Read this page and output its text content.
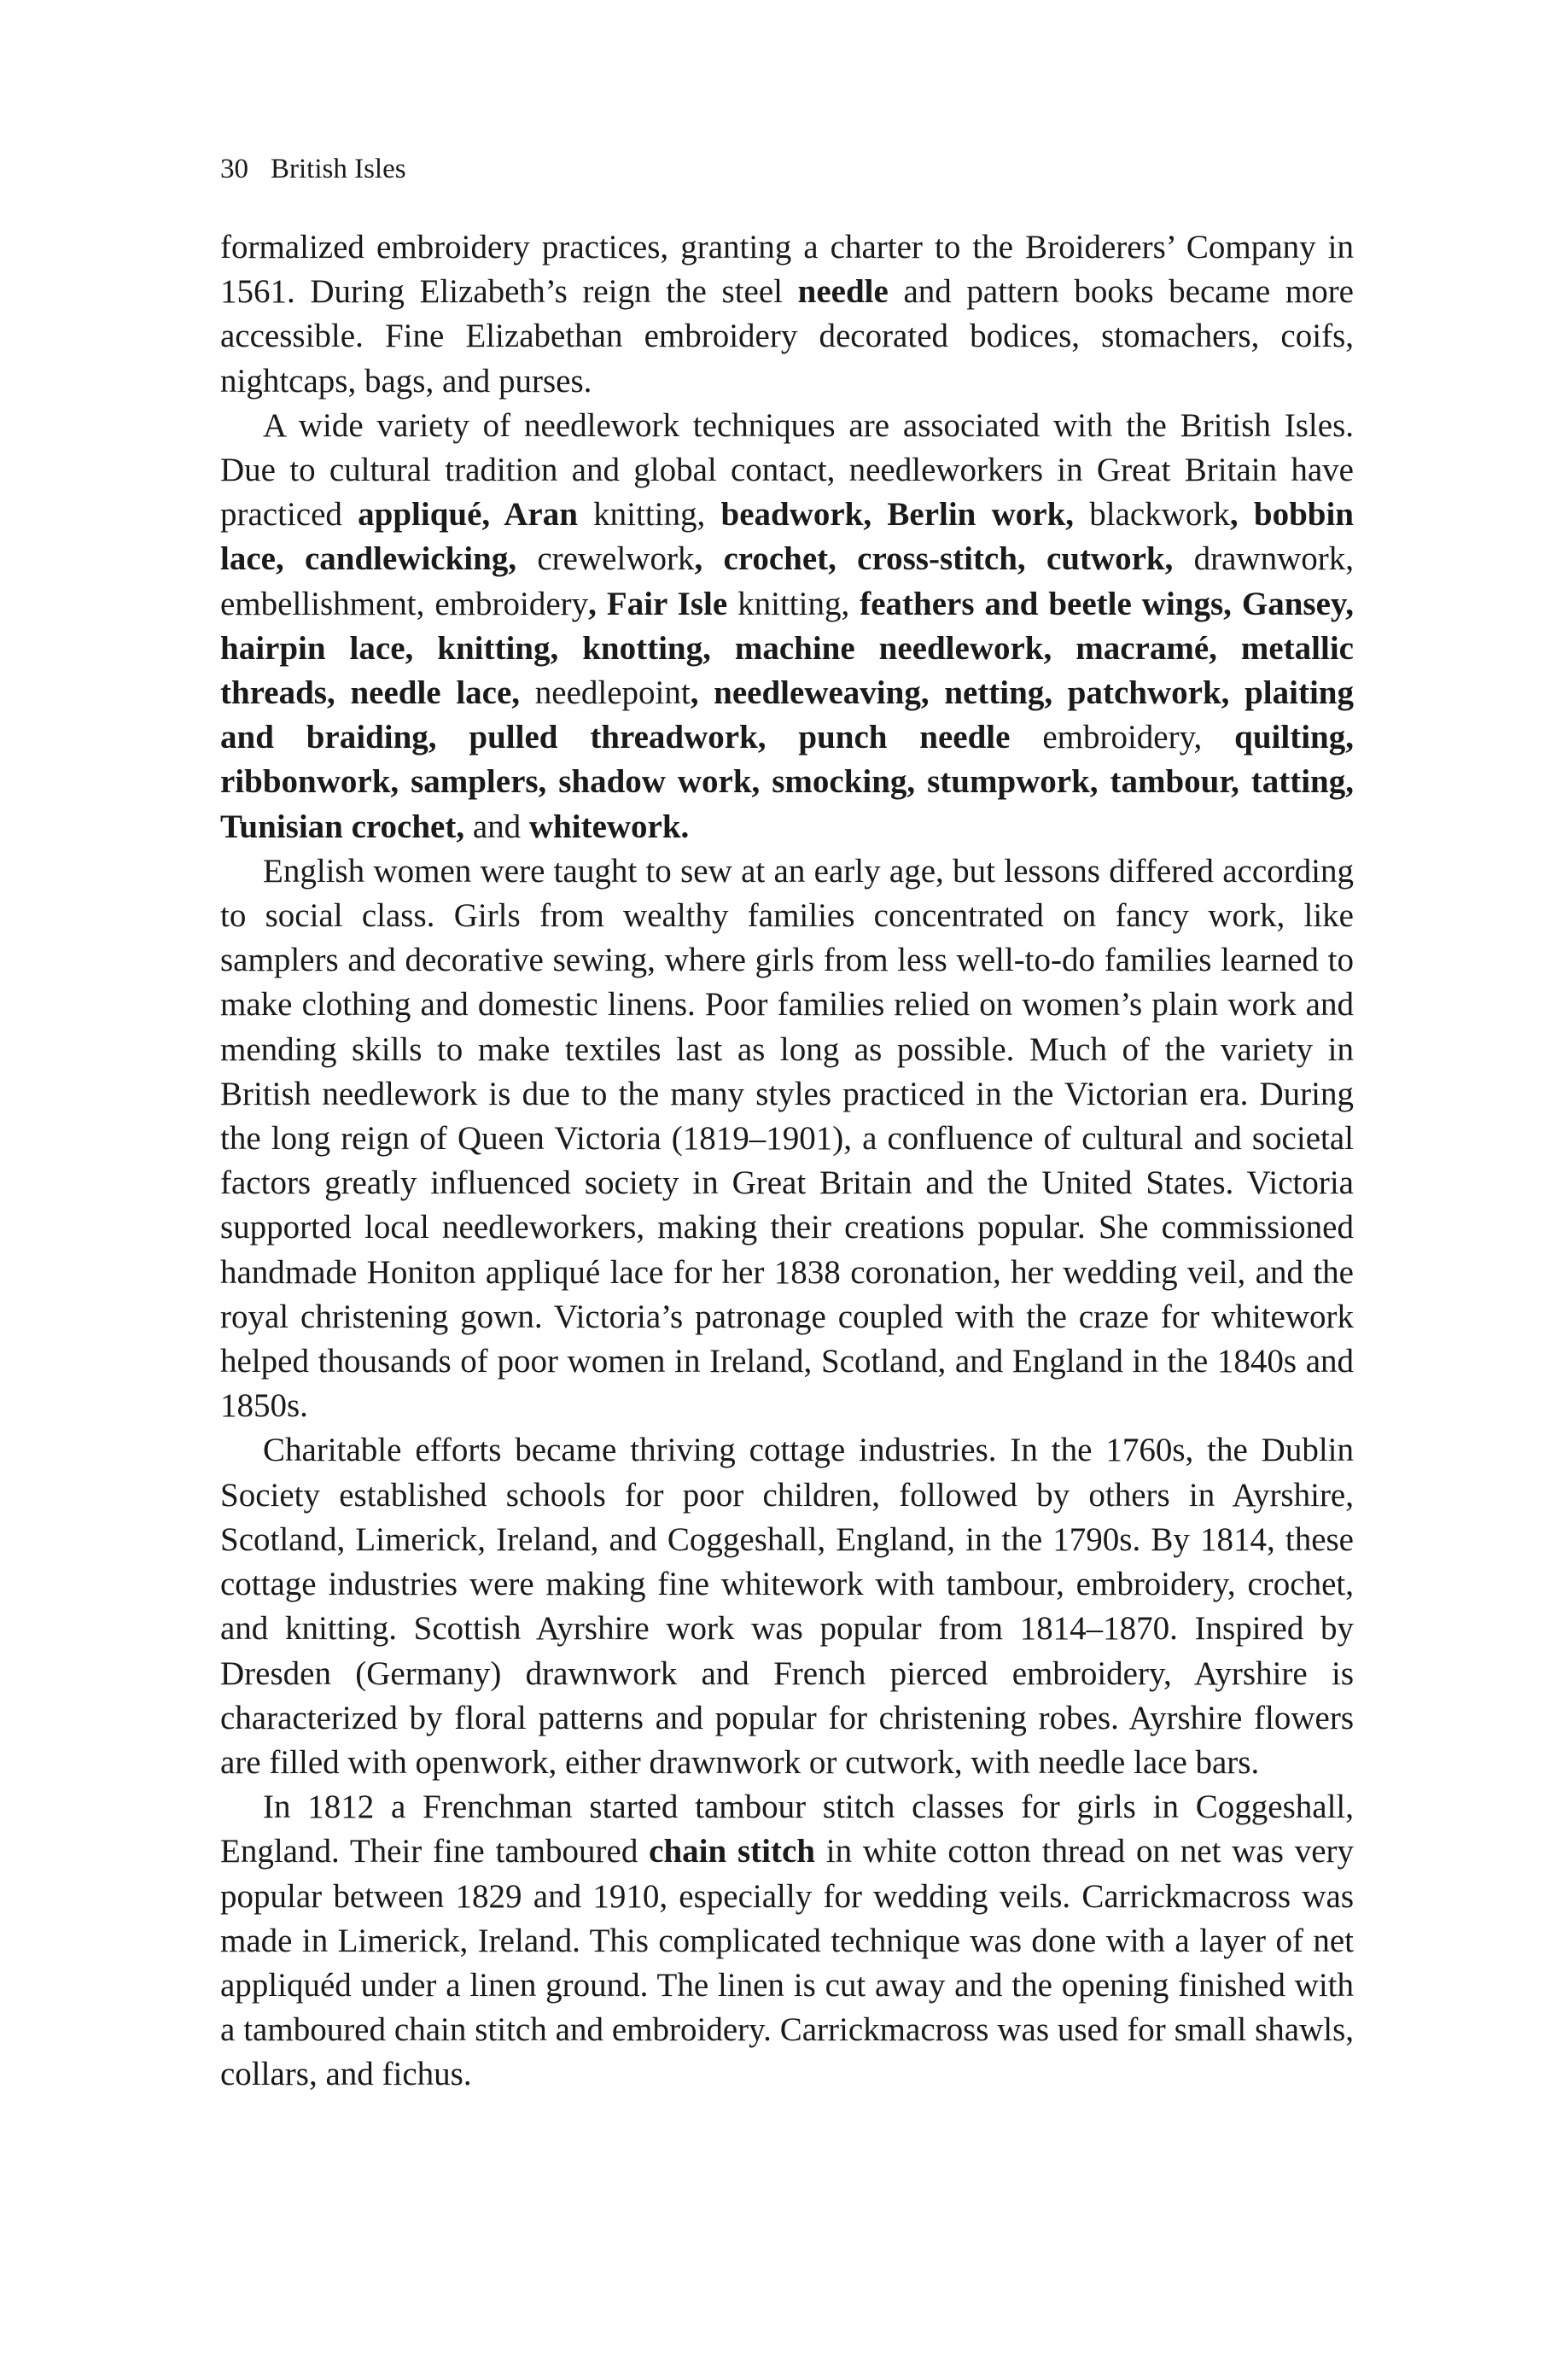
30 British Isles

formalized embroidery practices, granting a charter to the Broiderers’ Company in 1561. During Elizabeth’s reign the steel needle and pattern books became more accessible. Fine Elizabethan embroidery decorated bodices, stomachers, coifs, nightcaps, bags, and purses.

A wide variety of needlework techniques are associated with the British Isles. Due to cultural tradition and global contact, needleworkers in Great Britain have practiced appliqué, Aran knitting, beadwork, Berlin work, blackwork, bobbin lace, candlewicking, crewelwork, crochet, cross-stitch, cutwork, drawnwork, embellishment, embroidery, Fair Isle knitting, feathers and beetle wings, Gansey, hairpin lace, knitting, knotting, machine needlework, macramé, metallic threads, needle lace, needlepoint, needleweaving, netting, patchwork, plaiting and braiding, pulled threadwork, punch needle embroidery, quilting, ribbonwork, samplers, shadow work, smocking, stumpwork, tambour, tatting, Tunisian crochet, and whitework.

English women were taught to sew at an early age, but lessons differed according to social class. Girls from wealthy families concentrated on fancy work, like samplers and decorative sewing, where girls from less well-to-do families learned to make clothing and domestic linens. Poor families relied on women’s plain work and mending skills to make textiles last as long as possible. Much of the variety in British needlework is due to the many styles practiced in the Victorian era. During the long reign of Queen Victoria (1819–1901), a confluence of cultural and societal factors greatly influenced society in Great Britain and the United States. Victoria supported local needleworkers, making their creations popular. She commissioned handmade Honiton appliqué lace for her 1838 coronation, her wedding veil, and the royal christening gown. Victoria’s patronage coupled with the craze for whitework helped thousands of poor women in Ireland, Scotland, and England in the 1840s and 1850s.

Charitable efforts became thriving cottage industries. In the 1760s, the Dublin Society established schools for poor children, followed by others in Ayrshire, Scotland, Limerick, Ireland, and Coggeshall, England, in the 1790s. By 1814, these cottage industries were making fine whitework with tambour, embroidery, crochet, and knitting. Scottish Ayrshire work was popular from 1814–1870. Inspired by Dresden (Germany) drawnwork and French pierced embroidery, Ayrshire is characterized by floral patterns and popular for christening robes. Ayrshire flowers are filled with openwork, either drawnwork or cutwork, with needle lace bars.

In 1812 a Frenchman started tambour stitch classes for girls in Coggeshall, England. Their fine tamboured chain stitch in white cotton thread on net was very popular between 1829 and 1910, especially for wedding veils. Carrickmacross was made in Limerick, Ireland. This complicated technique was done with a layer of net appliquéd under a linen ground. The linen is cut away and the opening finished with a tamboured chain stitch and embroidery. Carrickmacross was used for small shawls, collars, and fichus.
